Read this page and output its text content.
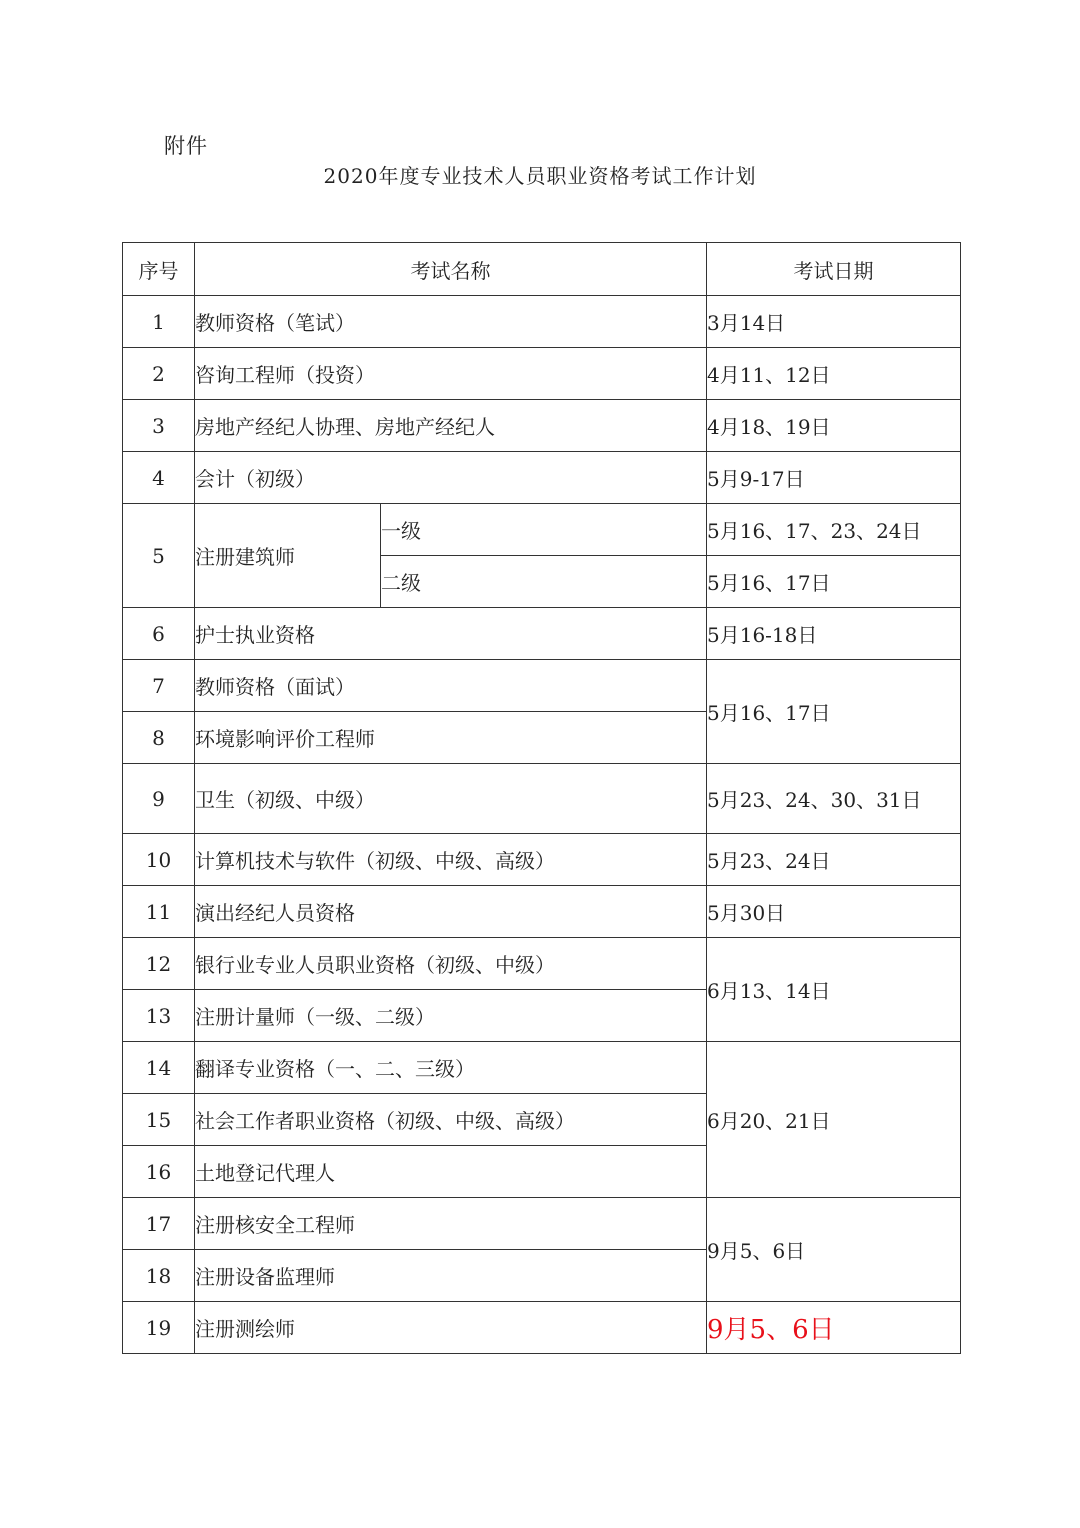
附件
2020年度专业技术人员职业资格考试工作计划
序号	考试名称		考试日期
1	教师资格（笔试）		3月14日
2	咨询工程师（投资）		4月11、12日
3	房地产经纪人协理、房地产经纪人		4月18、19日
4	会计（初级）		5月9-17日
5	注册建筑师	一级	5月16、17、23、24日
		二级	5月16、17日
6	护士执业资格		5月16-18日
7	教师资格（面试）		5月16、17日
8	环境影响评价工程师		
9	卫生（初级、中级）		5月23、24、30、31日
10	计算机技术与软件（初级、中级、高级）		5月23、24日
11	演出经纪人员资格		5月30日
12	银行业专业人员职业资格（初级、中级）		6月13、14日
13	注册计量师（一级、二级）		
14	翻译专业资格（一、二、三级）		6月20、21日
15	社会工作者职业资格（初级、中级、高级）		
16	土地登记代理人		
17	注册核安全工程师		9月5、6日
18	注册设备监理师		
19	注册测绘师		9月5、6日
